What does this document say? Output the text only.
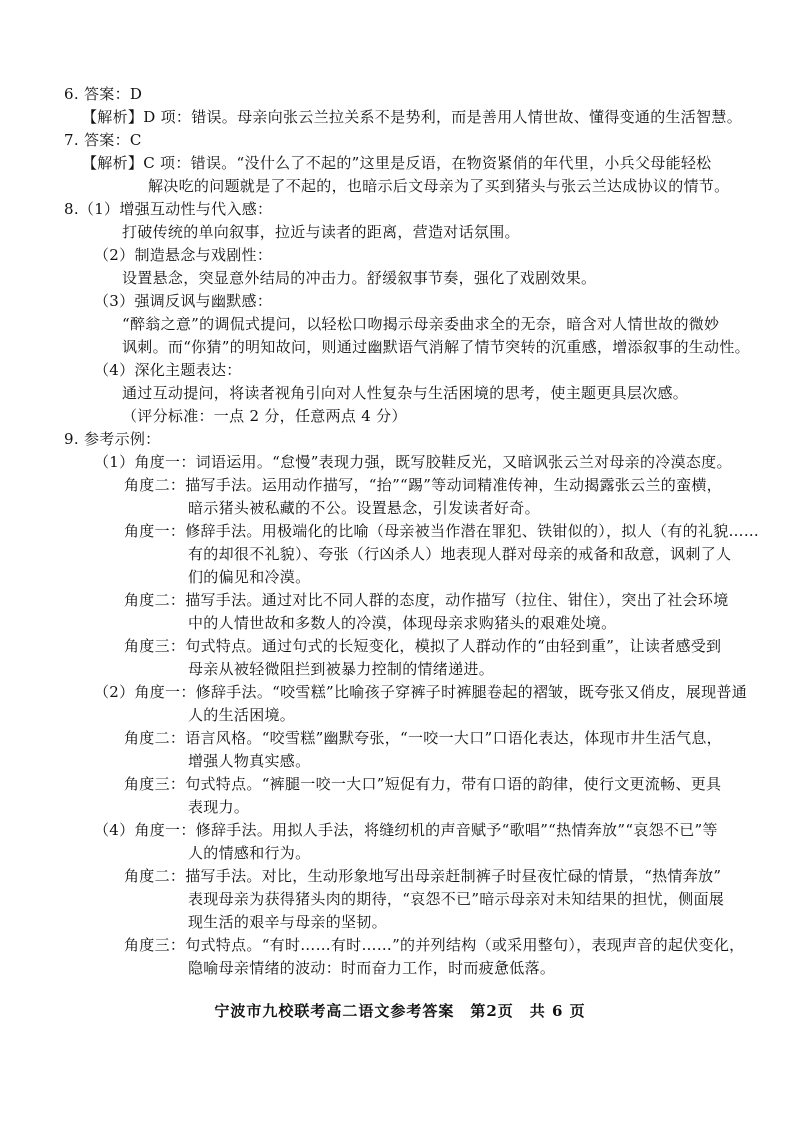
6. 答案：D
【解析】D 项：错误。母亲向张云兰拉关系不是势利，而是善用人情世故、懂得变通的生活智慧。
7. 答案：C
【解析】C 项：错误。“没什么了不起的”这里是反语，在物资紧俏的年代里，小兵父母能轻松
解决吃的问题就是了不起的，也暗示后文母亲为了买到猪头与张云兰达成协议的情节。
8.（1）增强互动性与代入感：
打破传统的单向叙事，拉近与读者的距离，营造对话氛围。
（2）制造悬念与戏剧性：
设置悬念，突显意外结局的冲击力。舒缓叙事节奏，强化了戏剧效果。
（3）强调反讽与幽默感：
“醉翁之意”的调侃式提问，以轻松口吻揭示母亲委曲求全的无奈，暗含对人情世故的微妙
讽刺。而“你猜”的明知故问，则通过幽默语气消解了情节突转的沉重感，增添叙事的生动性。
（4）深化主题表达：
通过互动提问，将读者视角引向对人性复杂与生活困境的思考，使主题更具层次感。
（评分标准：一点 2 分，任意两点 4 分）
9. 参考示例：
（1）角度一：词语运用。“怠慢”表现力强，既写胶鞋反光，又暗讽张云兰对母亲的冷漠态度。
角度二：描写手法。运用动作描写，“抬”“踢”等动词精准传神，生动揭露张云兰的蛮横，
暗示猪头被私藏的不公。设置悬念，引发读者好奇。
角度一：修辞手法。用极端化的比喻（母亲被当作潜在罪犯、铁钳似的），拟人（有的礼貌……
有的却很不礼貌）、夸张（行凶杀人）地表现人群对母亲的戒备和敌意，讽刺了人
们的偏见和冷漠。
角度二：描写手法。通过对比不同人群的态度，动作描写（拉住、钳住），突出了社会环境
中的人情世故和多数人的冷漠，体现母亲求购猪头的艰难处境。
角度三：句式特点。通过句式的长短变化，模拟了人群动作的“由轻到重”，让读者感受到
母亲从被轻微阻拦到被暴力控制的情绪递进。
（2）角度一：修辞手法。“咬雪糕”比喻孩子穿裤子时裤腿卷起的褶皱，既夸张又俏皮，展现普通
人的生活困境。
角度二：语言风格。“咬雪糕”幽默夸张，“一咬一大口”口语化表达，体现市井生活气息，
增强人物真实感。
角度三：句式特点。“裤腿一咬一大口”短促有力，带有口语的韵律，使行文更流畅、更具
表现力。
（4）角度一：修辞手法。用拟人手法，将缝纫机的声音赋予“歌唱”“热情奔放”“哀怨不已”等
人的情感和行为。
角度二：描写手法。对比，生动形象地写出母亲赶制裤子时昼夜忙碌的情景，“热情奔放”
表现母亲为获得猪头肉的期待，“哀怨不已”暗示母亲对未知结果的担忧，侧面展
现生活的艰辛与母亲的坚韧。
角度三：句式特点。“有时……有时……”的并列结构（或采用整句），表现声音的起伏变化，
隐喻母亲情绪的波动：时而奋力工作，时而疲惫低落。
宁波市九校联考高二语文参考答案　第2页　共 6 页
